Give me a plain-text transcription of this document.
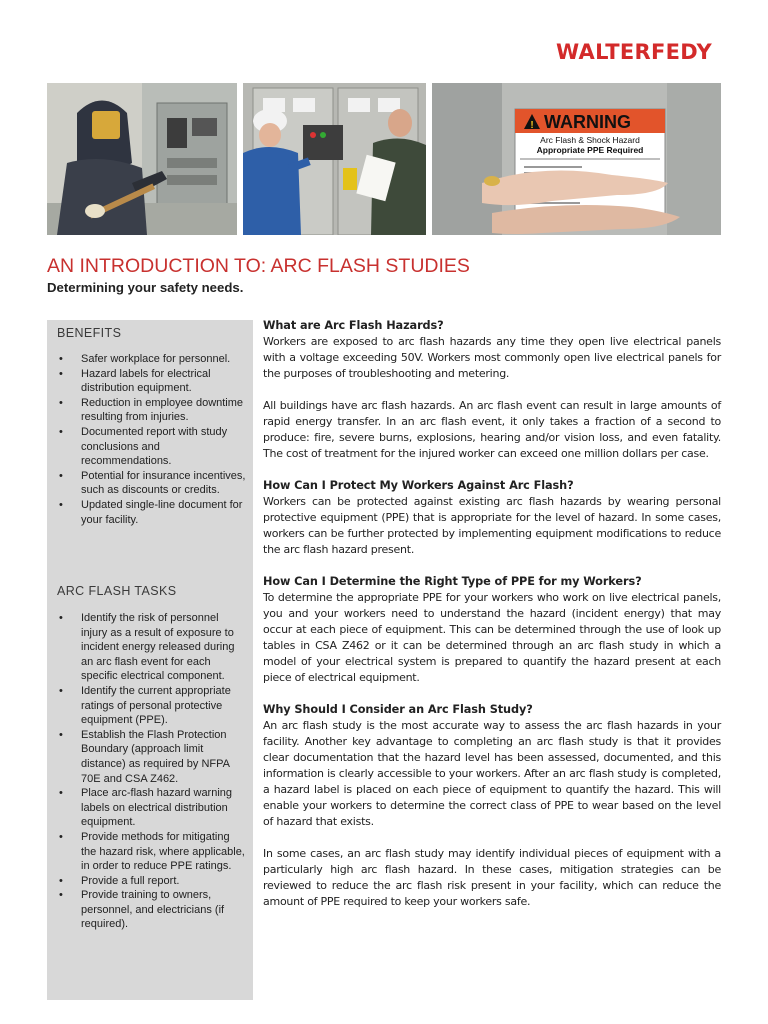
WALTERFEDY
! WARNING
Arc Flash & Shock Hazard
Appropriate PPE Required
AN INTRODUCTION TO: ARC FLASH STUDIES
Determining your safety needs.
BENEFITS
• Safer workplace for personnel.
• Hazard labels for electrical distribution equipment.
• Reduction in employee downtime resulting from injuries.
• Documented report with study conclusions and recommendations.
• Potential for insurance incentives, such as discounts or credits.
• Updated single-line document for your facility.
ARC FLASH TASKS
• Identify the risk of personnel injury as a result of exposure to incident energy released during an arc flash event for each specific electrical component.
• Identify the current appropriate ratings of personal protective equipment (PPE).
• Establish the Flash Protection Boundary (approach limit distance) as required by NFPA 70E and CSA Z462.
• Place arc-flash hazard warning labels on electrical distribution equipment.
• Provide methods for mitigating the hazard risk, where applicable, in order to reduce PPE ratings.
• Provide a full report.
• Provide training to owners, personnel, and electricians (if required).
What are Arc Flash Hazards?

Workers are exposed to arc flash hazards any time they open live electrical panels with a voltage exceeding 50V. Workers most commonly open live electrical panels for the purposes of troubleshooting and metering.

All buildings have arc flash hazards. An arc flash event can result in large amounts of rapid energy transfer. In an arc flash event, it only takes a fraction of a second to produce: fire, severe burns, explosions, hearing and/or vision loss, and even fatality. The cost of treatment for the injured worker can exceed one million dollars per case.

How Can I Protect My Workers Against Arc Flash?

Workers can be protected against existing arc flash hazards by wearing personal protective equipment (PPE) that is appropriate for the level of hazard. In some cases, workers can be further protected by implementing equipment modifications to reduce the arc flash hazard present.

How Can I Determine the Right Type of PPE for my Workers?

To determine the appropriate PPE for your workers who work on live electrical panels, you and your workers need to understand the hazard (incident energy) that may occur at each piece of equipment. This can be determined through the use of look up tables in CSA Z462 or it can be determined through an arc flash study in which a model of your electrical system is prepared to quantify the hazard present at each piece of electrical equipment.

Why Should I Consider an Arc Flash Study?

An arc flash study is the most accurate way to assess the arc flash hazards in your facility. Another key advantage to completing an arc flash study is that it provides clear documentation that the hazard level has been assessed, documented, and this information is clearly accessible to your workers. After an arc flash study is completed, a hazard label is placed on each piece of equipment to quantify the hazard. This will enable your workers to determine the correct class of PPE to wear based on the level of hazard that exists.

In some cases, an arc flash study may identify individual pieces of equipment with a particularly high arc flash hazard. In these cases, mitigation strategies can be reviewed to reduce the arc flash risk present in your facility, which can reduce the amount of PPE required to keep your workers safe.
